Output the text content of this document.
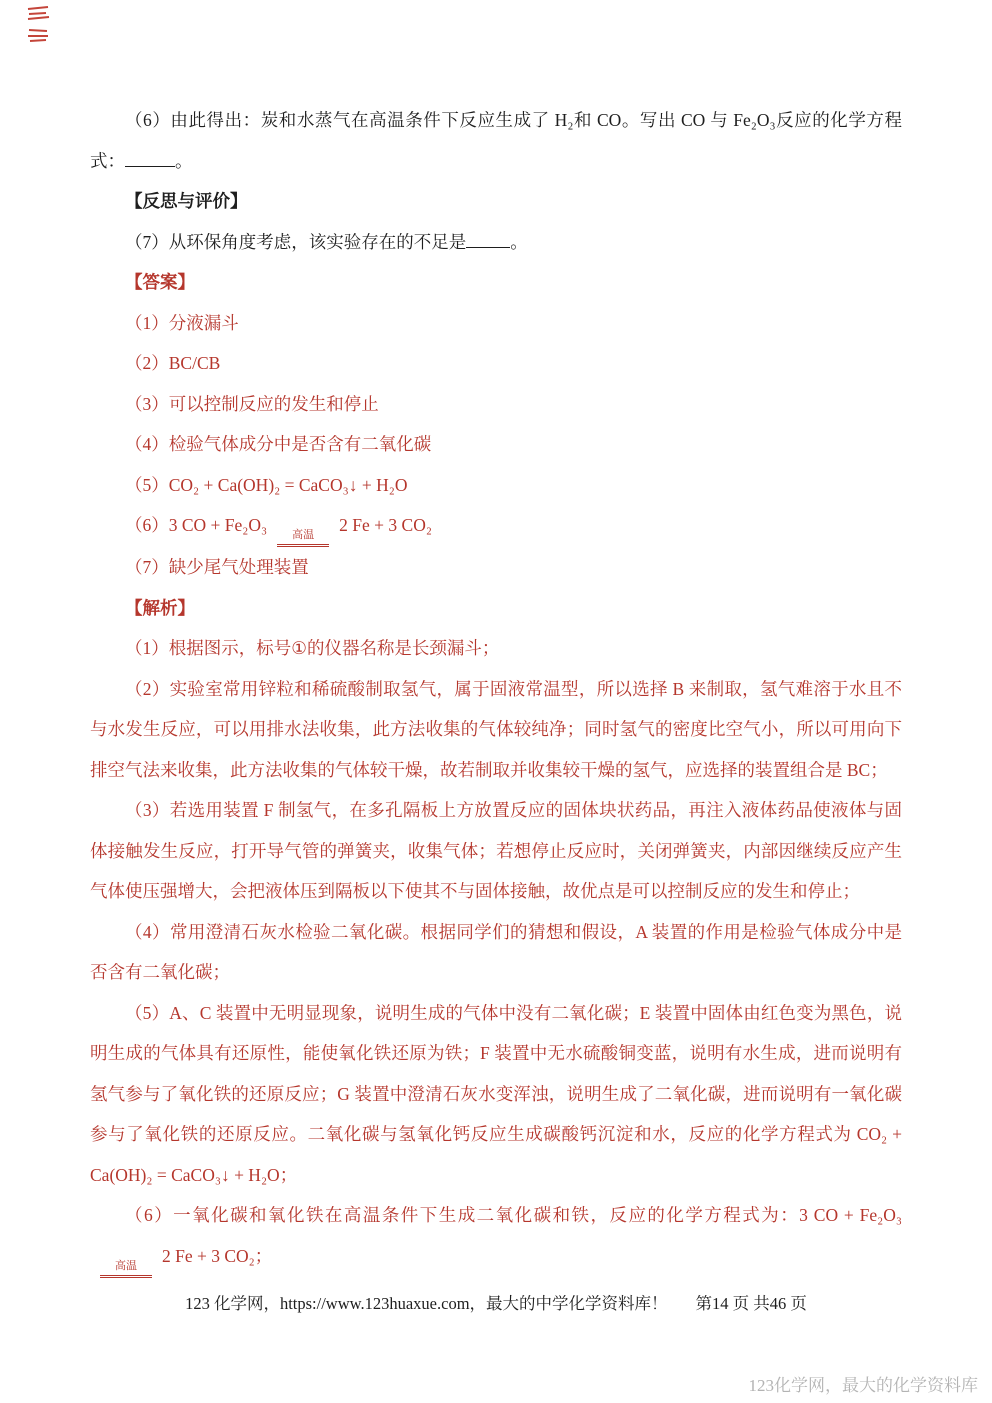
（6）由此得出：炭和水蒸气在高温条件下反应生成了 H₂和 CO。写出 CO 与 Fe₂O₃反应的化学方程式：	。

【反思与评价】

（7）从环保角度考虑，该实验存在的不足是	。

【答案】

（1）分液漏斗

（2）BC/CB

（3）可以控制反应的发生和停止

（4）检验气体成分中是否含有二氧化碳

（5）CO₂ + Ca(OH)₂ = CaCO₃↓ + H₂O

（6）3 CO + Fe₂O₃	高温	2 Fe + 3 CO₂

（7）缺少尾气处理装置

【解析】

（1）根据图示，标号①的仪器名称是长颈漏斗；

（2）实验室常用锌粒和稀硫酸制取氢气，属于固液常温型，所以选择 B 来制取，氢气难溶于水且不与水发生反应，可以用排水法收集，此方法收集的气体较纯净；同时氢气的密度比空气小，所以可用向下排空气法来收集，此方法收集的气体较干燥，故若制取并收集较干燥的氢气，应选择的装置组合是 BC；

（3）若选用装置 F 制氢气，在多孔隔板上方放置反应的固体块状药品，再注入液体药品使液体与固体接触发生反应，打开导气管的弹簧夹，收集气体；若想停止反应时，关闭弹簧夹，内部因继续反应产生气体使压强增大，会把液体压到隔板以下使其不与固体接触，故优点是可以控制反应的发生和停止；

（4）常用澄清石灰水检验二氧化碳。根据同学们的猜想和假设，A 装置的作用是检验气体成分中是否含有二氧化碳；

（5）A、C 装置中无明显现象，说明生成的气体中没有二氧化碳；E 装置中固体由红色变为黑色，说明生成的气体具有还原性，能使氧化铁还原为铁；F 装置中无水硫酸铜变蓝，说明有水生成，进而说明有氢气参与了氧化铁的还原反应；G 装置中澄清石灰水变浑浊，说明生成了二氧化碳，进而说明有一氧化碳参与了氧化铁的还原反应。二氧化碳与氢氧化钙反应生成碳酸钙沉淀和水，反应的化学方程式为 CO₂ + Ca(OH)₂ = CaCO₃↓ + H₂O；

（6）一氧化碳和氧化铁在高温条件下生成二氧化碳和铁，反应的化学方程式为：3 CO + Fe₂O₃
高温	2 Fe + 3 CO₂；

123 化学网，https://www.123huaxue.com，最大的中学化学资料库！ 第14 页 共46 页
123化学网，最大的化学资料库
